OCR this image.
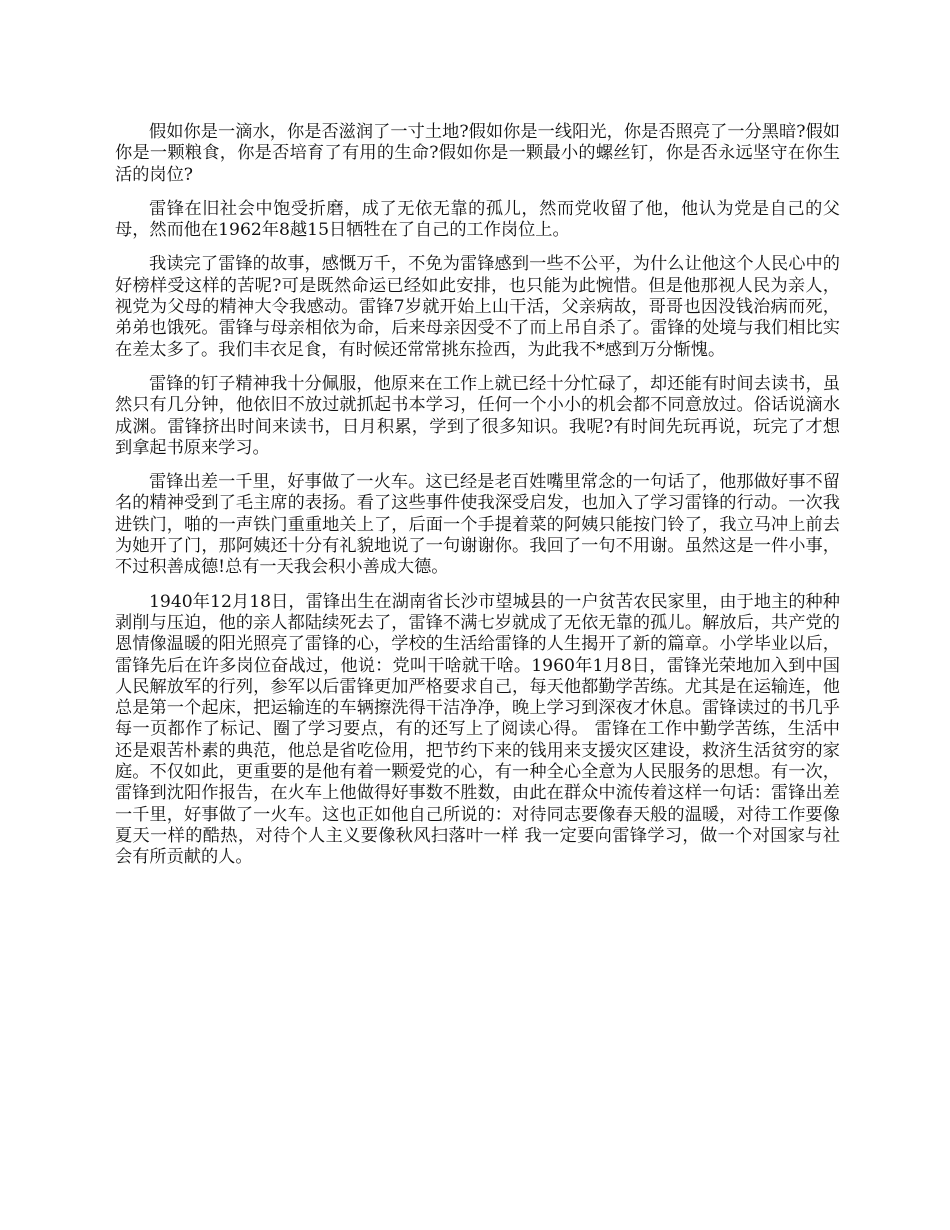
假如你是一滴水，你是否滋润了一寸土地?假如你是一线阳光，你是否照亮了一分黑暗?假如你是一颗粮食，你是否培育了有用的生命?假如你是一颗最小的螺丝钉，你是否永远坚守在你生活的岗位?

雷锋在旧社会中饱受折磨，成了无依无靠的孤儿，然而党收留了他，他认为党是自己的父母，然而他在1962年8越15日牺牲在了自己的工作岗位上。

我读完了雷锋的故事，感慨万千，不免为雷锋感到一些不公平，为什么让他这个人民心中的好榜样受这样的苦呢?可是既然命运已经如此安排，也只能为此惋惜。但是他那视人民为亲人，视党为父母的精神大令我感动。雷锋7岁就开始上山干活，父亲病故，哥哥也因没钱治病而死，弟弟也饿死。雷锋与母亲相依为命，后来母亲因受不了而上吊自杀了。雷锋的处境与我们相比实在差太多了。我们丰衣足食，有时候还常常挑东捡西，为此我不*感到万分惭愧。

雷锋的钉子精神我十分佩服，他原来在工作上就已经十分忙碌了，却还能有时间去读书，虽然只有几分钟，他依旧不放过就抓起书本学习，任何一个小小的机会都不同意放过。俗话说滴水成渊。雷锋挤出时间来读书，日月积累，学到了很多知识。我呢?有时间先玩再说，玩完了才想到拿起书原来学习。

雷锋出差一千里，好事做了一火车。这已经是老百姓嘴里常念的一句话了，他那做好事不留名的精神受到了毛主席的表扬。看了这些事件使我深受启发，也加入了学习雷锋的行动。一次我进铁门，啪的一声铁门重重地关上了，后面一个手提着菜的阿姨只能按门铃了，我立马冲上前去为她开了门，那阿姨还十分有礼貌地说了一句谢谢你。我回了一句不用谢。虽然这是一件小事，不过积善成德!总有一天我会积小善成大德。

1940年12月18日，雷锋出生在湖南省长沙市望城县的一户贫苦农民家里，由于地主的种种剥削与压迫，他的亲人都陆续死去了，雷锋不满七岁就成了无依无靠的孤儿。解放后，共产党的恩情像温暖的阳光照亮了雷锋的心，学校的生活给雷锋的人生揭开了新的篇章。小学毕业以后，雷锋先后在许多岗位奋战过，他说：党叫干啥就干啥。1960年1月8日，雷锋光荣地加入到中国人民解放军的行列，参军以后雷锋更加严格要求自己，每天他都勤学苦练。尤其是在运输连，他总是第一个起床，把运输连的车辆擦洗得干洁净净，晚上学习到深夜才休息。雷锋读过的书几乎每一页都作了标记、圈了学习要点，有的还写上了阅读心得。 雷锋在工作中勤学苦练，生活中还是艰苦朴素的典范，他总是省吃俭用，把节约下来的钱用来支援灾区建设，救济生活贫穷的家庭。不仅如此，更重要的是他有着一颗爱党的心，有一种全心全意为人民服务的思想。有一次，雷锋到沈阳作报告，在火车上他做得好事数不胜数，由此在群众中流传着这样一句话：雷锋出差一千里，好事做了一火车。这也正如他自己所说的：对待同志要像春天般的温暖，对待工作要像夏天一样的酷热，对待个人主义要像秋风扫落叶一样 我一定要向雷锋学习，做一个对国家与社会有所贡献的人。
